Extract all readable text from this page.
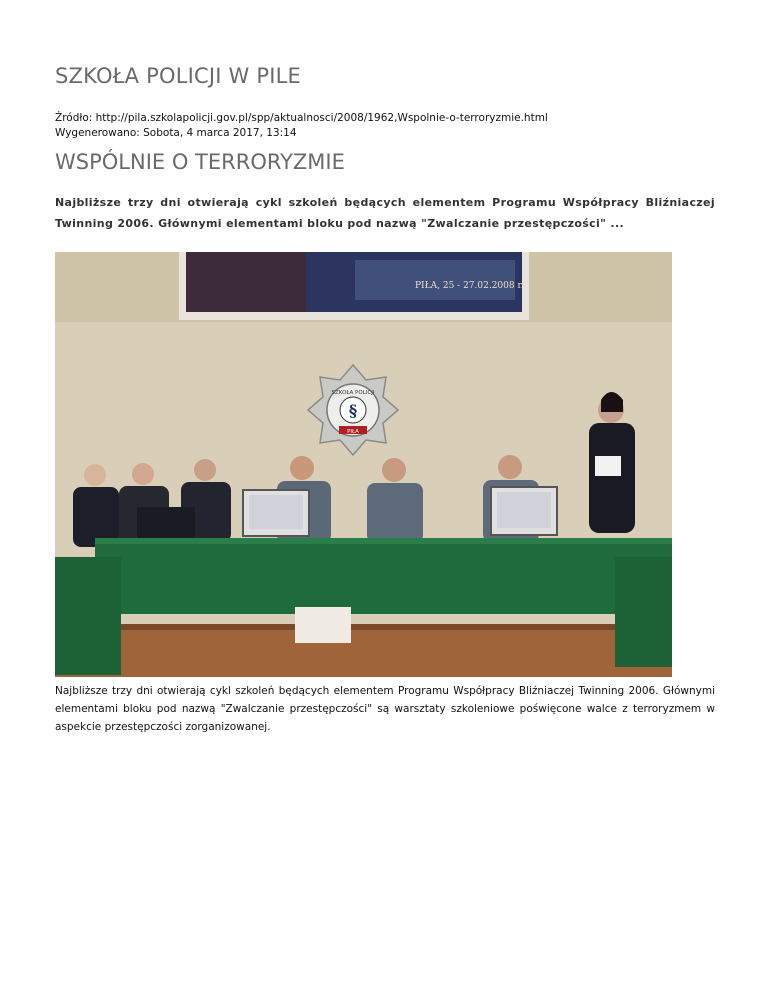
SZKOŁA POLICJI W PILE
Źródło: http://pila.szkolapolicji.gov.pl/spp/aktualnosci/2008/1962,Wspolnie-o-terroryzmie.html
Wygenerowano: Sobota, 4 marca 2017, 13:14
WSPÓLNIE O TERRORYZMIE

Najbliższe trzy dni otwierają cykl szkoleń będących elementem Programu Współpracy Bliźniaczej Twinning 2006. Głównymi elementami bloku pod nazwą "Zwalczanie przestępczości" ...

PIŁA, 25 - 27.02.2008 r.
§
SZKOŁA POLICJI
PIŁA

Najbliższe trzy dni otwierają cykl szkoleń będących elementem Programu Współpracy Bliźniaczej Twinning 2006. Głównymi elementami bloku pod nazwą "Zwalczanie przestępczości" są warsztaty szkoleniowe poświęcone walce z terroryzmem w aspekcie przestępczości zorganizowanej.
